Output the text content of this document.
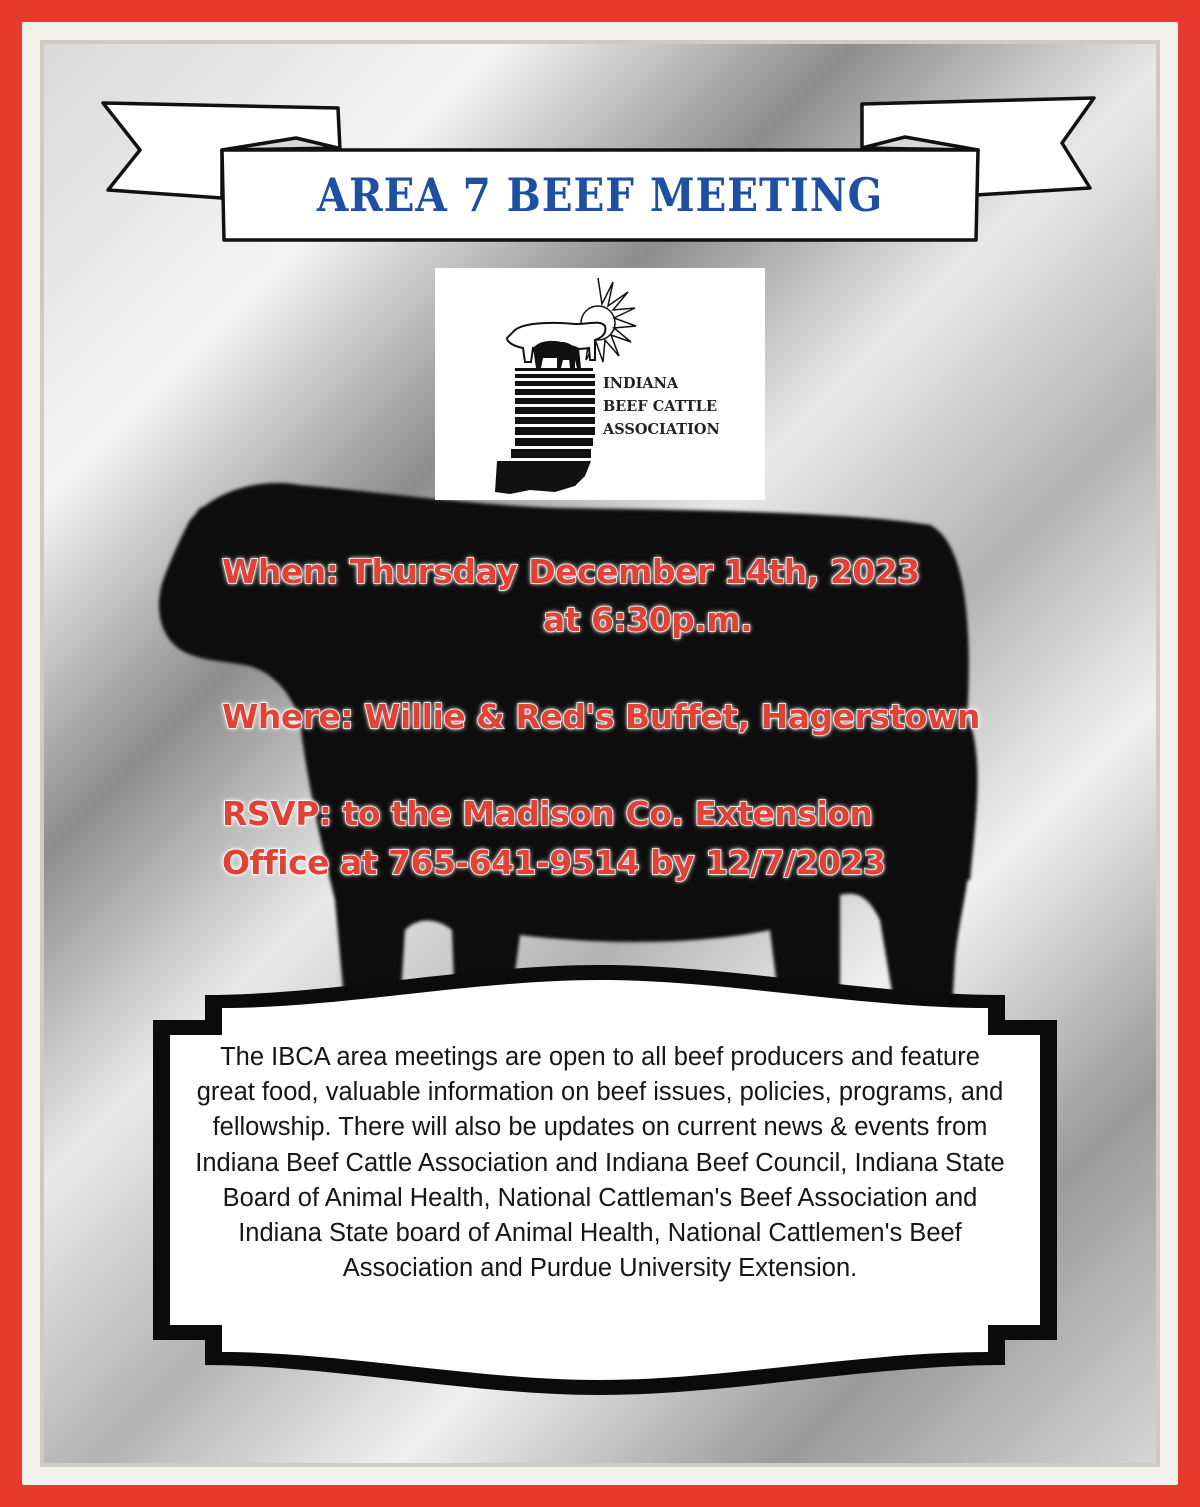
AREA 7 BEEF MEETING
INDIANA
BEEF CATTLE
ASSOCIATION
When: Thursday December 14th, 2023
at 6:30p.m.
Where: Willie & Red's Buffet, Hagerstown
RSVP: to the Madison Co. Extension
Office at 765-641-9514 by 12/7/2023
The IBCA area meetings are open to all beef producers and feature great food, valuable information on beef issues, policies, programs, and fellowship. There will also be updates on current news & events from Indiana Beef Cattle Association and Indiana Beef Council, Indiana State Board of Animal Health, National Cattleman's Beef Association and Indiana State board of Animal Health, National Cattlemen's Beef Association and Purdue University Extension.
